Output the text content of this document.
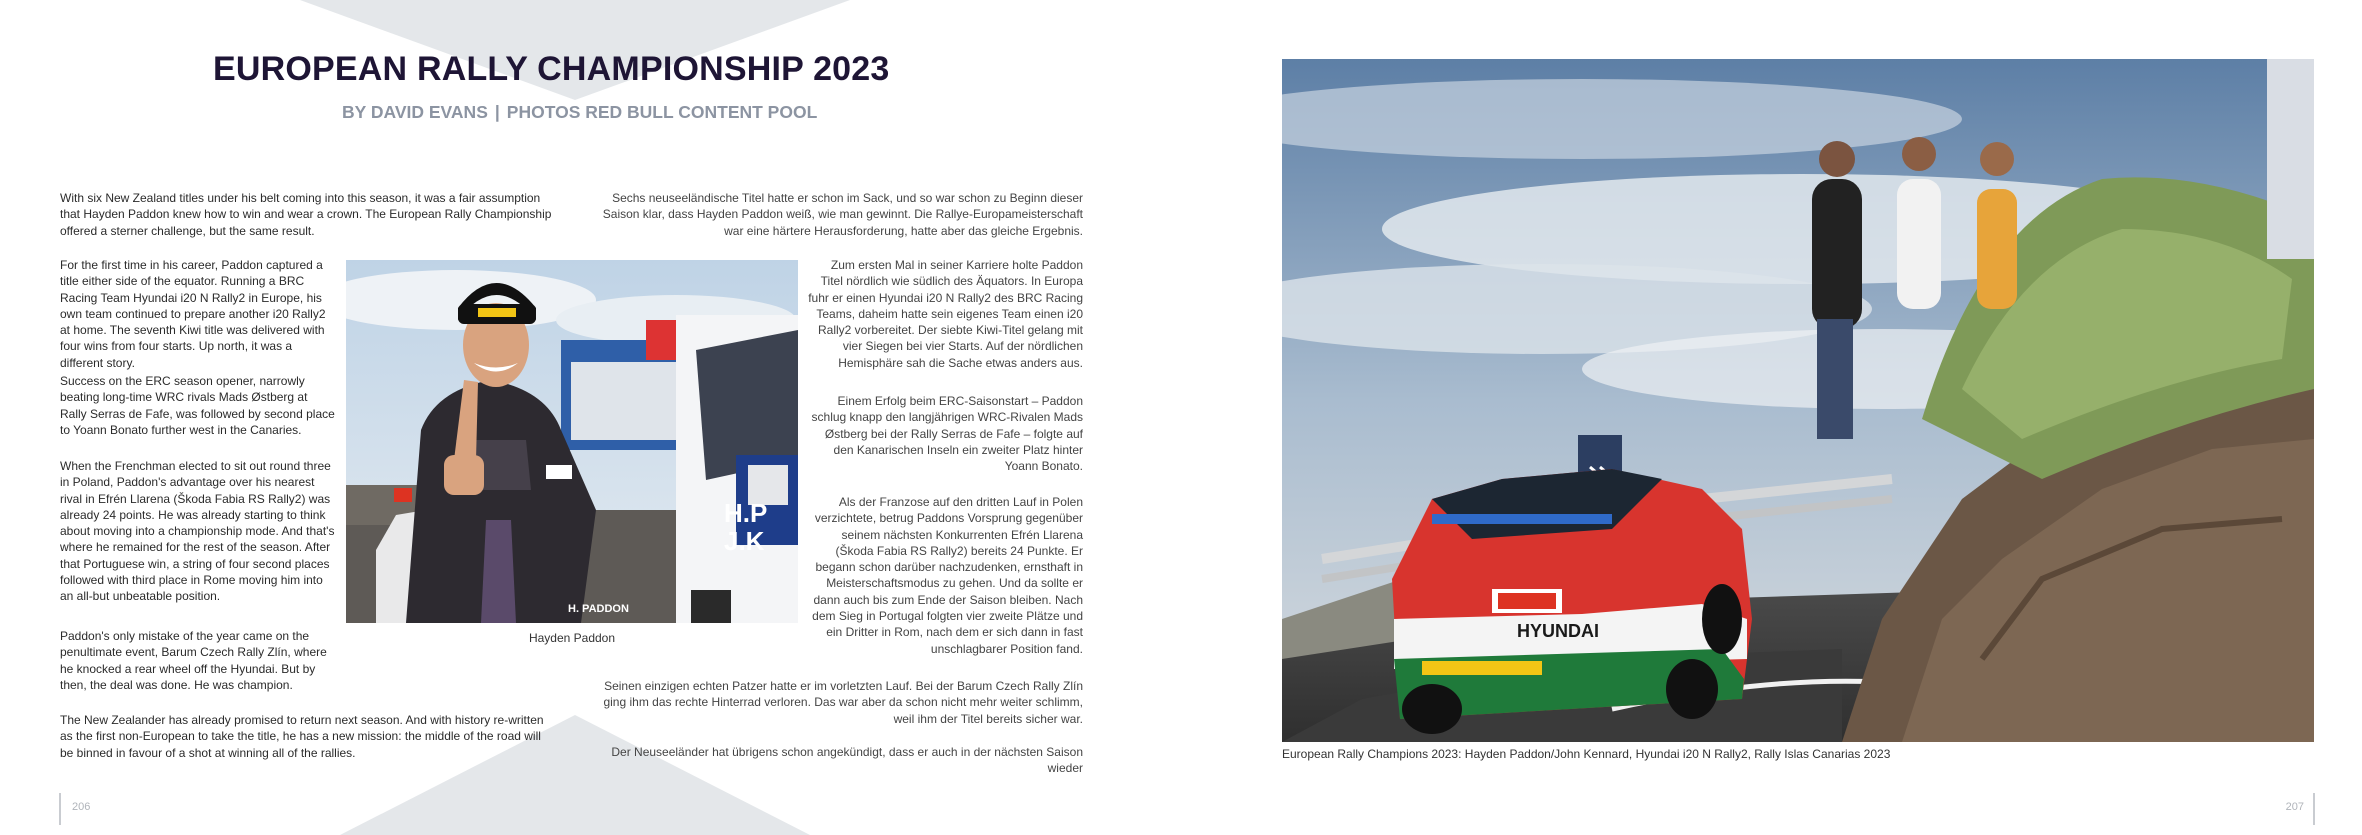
EUROPEAN RALLY CHAMPIONSHIP 2023
BY DAVID EVANS | PHOTOS RED BULL CONTENT POOL

With six New Zealand titles under his belt coming into this season, it was a fair assumption that Hayden Paddon knew how to win and wear a crown. The European Rally Championship offered a sterner challenge, but the same result.

For the first time in his career, Paddon captured a title either side of the equator. Running a BRC Racing Team Hyundai i20 N Rally2 in Europe, his own team continued to prepare another i20 Rally2 at home. The seventh Kiwi title was delivered with four wins from four starts. Up north, it was a different story.

Success on the ERC season opener, narrowly beating long-time WRC rivals Mads Østberg at Rally Serras de Fafe, was followed by second place to Yoann Bonato further west in the Canaries.

When the Frenchman elected to sit out round three in Poland, Paddon's advantage over his nearest rival in Efrén Llarena (Škoda Fabia RS Rally2) was already 24 points. He was already starting to think about moving into a championship mode. And that's where he remained for the rest of the season. After that Portuguese win, a string of four second places followed with third place in Rome moving him into an all-but unbeatable position.

Paddon's only mistake of the year came on the penultimate event, Barum Czech Rally Zlín, where he knocked a rear wheel off the Hyundai. But by then, the deal was done. He was champion.

The New Zealander has already promised to return next season. And with history re-written as the first non-European to take the title, he has a new mission: the middle of the road will be binned in favour of a shot at winning all of the rallies.

H. PADDON
H.P
J.K
Hayden Paddon

Sechs neuseeländische Titel hatte er schon im Sack, und so war schon zu Beginn dieser Saison klar, dass Hayden Paddon weiß, wie man gewinnt. Die Rallye-Europameisterschaft war eine härtere Herausforderung, hatte aber das gleiche Ergebnis.

Zum ersten Mal in seiner Karriere holte Paddon Titel nördlich wie südlich des Äquators. In Europa fuhr er einen Hyundai i20 N Rally2 des BRC Racing Teams, daheim hatte sein eigenes Team einen i20 Rally2 vorbereitet. Der siebte Kiwi-Titel gelang mit vier Siegen bei vier Starts. Auf der nördlichen Hemisphäre sah die Sache etwas anders aus.

Einem Erfolg beim ERC-Saisonstart – Paddon schlug knapp den langjährigen WRC-Rivalen Mads Østberg bei der Rally Serras de Fafe – folgte auf den Kanarischen Inseln ein zweiter Platz hinter Yoann Bonato.

Als der Franzose auf den dritten Lauf in Polen verzichtete, betrug Paddons Vorsprung gegenüber seinem nächsten Konkurrenten Efrén Llarena (Škoda Fabia RS Rally2) bereits 24 Punkte. Er begann schon darüber nachzudenken, ernsthaft in Meisterschaftsmodus zu gehen. Und da sollte er dann auch bis zum Ende der Saison bleiben. Nach dem Sieg in Portugal folgten vier zweite Plätze und ein Dritter in Rom, nach dem er sich dann in fast unschlagbarer Position fand.

Seinen einzigen echten Patzer hatte er im vorletzten Lauf. Bei der Barum Czech Rally Zlín ging ihm das rechte Hinterrad verloren. Das war aber da schon nicht mehr weiter schlimm, weil ihm der Titel bereits sicher war.

Der Neuseeländer hat übrigens schon angekündigt, dass er auch in der nächsten Saison wieder

HYUNDAI
European Rally Champions 2023: Hayden Paddon/John Kennard, Hyundai i20 N Rally2, Rally Islas Canarias 2023
206	207
